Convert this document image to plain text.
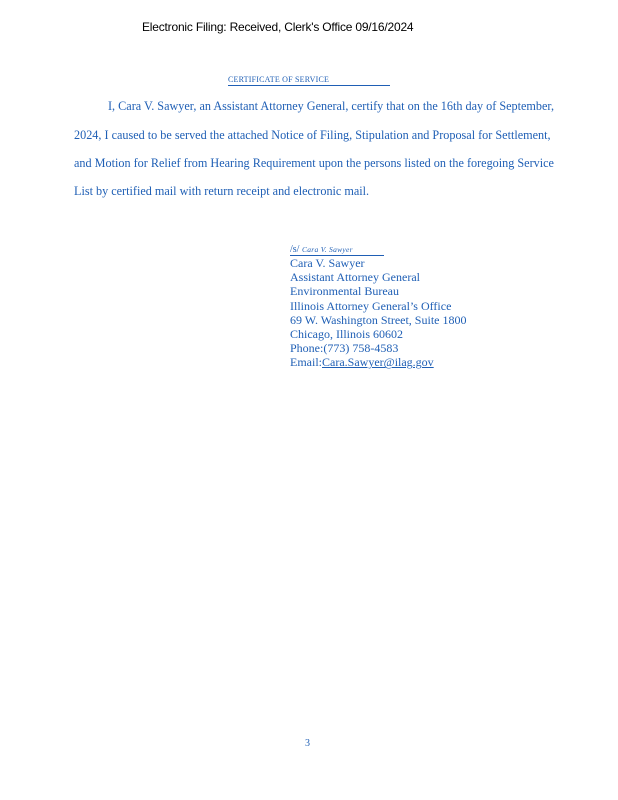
Electronic Filing: Received, Clerk's Office 09/16/2024
CERTIFICATE OF SERVICE
I, Cara V. Sawyer, an Assistant Attorney General, certify that on the 16th day of September,
2024, I caused to be served the attached Notice of Filing, Stipulation and Proposal for Settlement,
and Motion for Relief from Hearing Requirement upon the persons listed on the foregoing Service
List by certified mail with return receipt and electronic mail.
/s/ Cara V. Sawyer
Cara V. Sawyer
Assistant Attorney General
Environmental Bureau
Illinois Attorney General’s Office
69 W. Washington Street, Suite 1800
Chicago, Illinois 60602
Phone:(773) 758-4583
Email:Cara.Sawyer@ilag.gov
3
